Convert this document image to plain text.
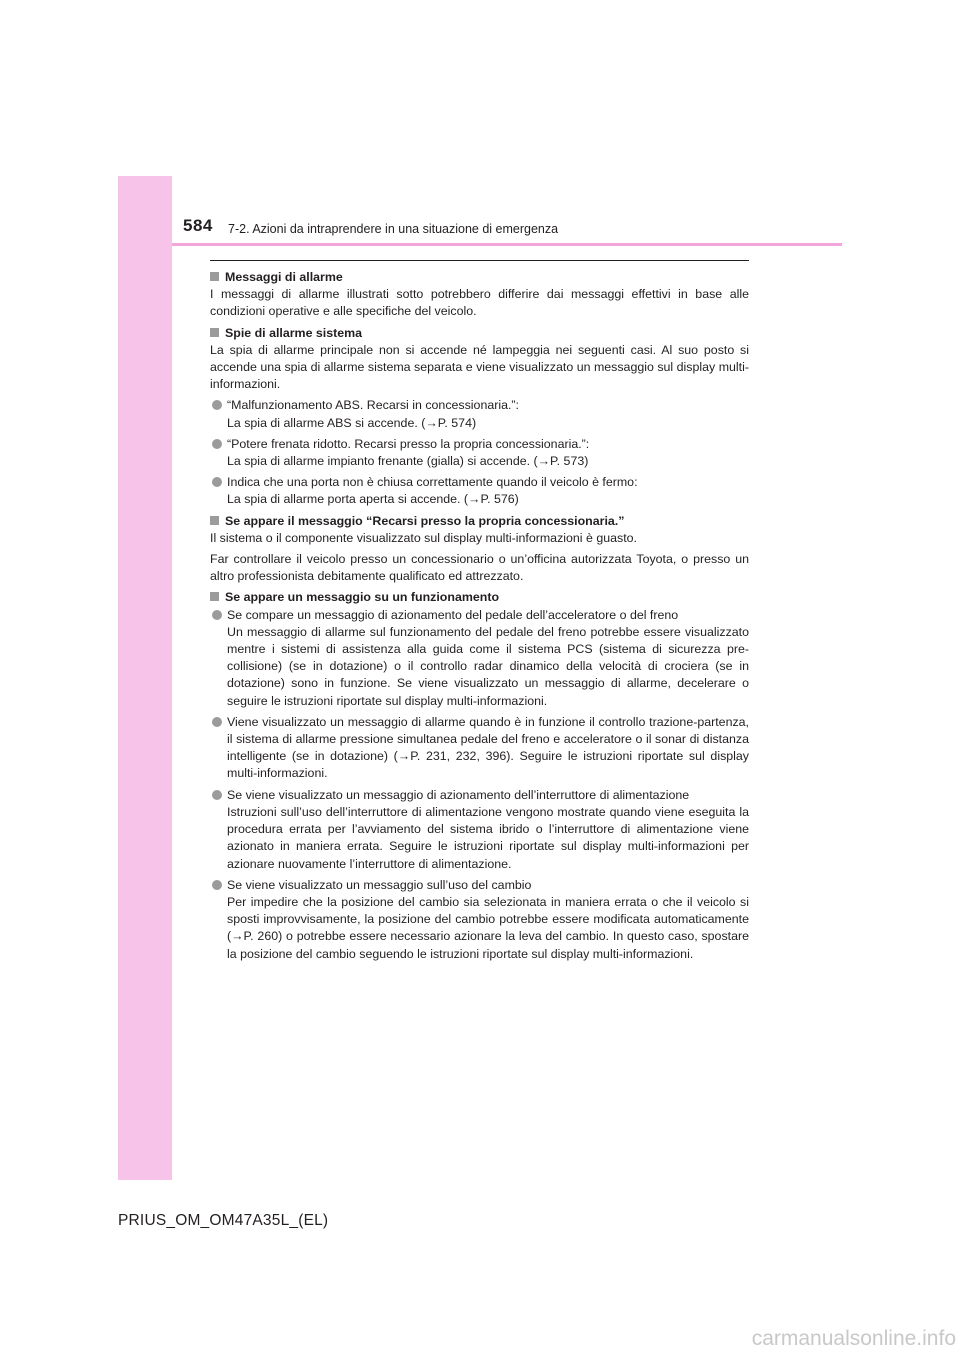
584 7-2. Azioni da intraprendere in una situazione di emergenza
Messaggi di allarme
I messaggi di allarme illustrati sotto potrebbero differire dai messaggi effettivi in base alle condizioni operative e alle specifiche del veicolo.
Spie di allarme sistema
La spia di allarme principale non si accende né lampeggia nei seguenti casi. Al suo posto si accende una spia di allarme sistema separata e viene visualizzato un messaggio sul display multi-informazioni.
“Malfunzionamento ABS. Recarsi in concessionaria.”:
La spia di allarme ABS si accende. (→P. 574)
“Potere frenata ridotto. Recarsi presso la propria concessionaria.”:
La spia di allarme impianto frenante (gialla) si accende. (→P. 573)
Indica che una porta non è chiusa correttamente quando il veicolo è fermo:
La spia di allarme porta aperta si accende. (→P. 576)
Se appare il messaggio “Recarsi presso la propria concessionaria.”
Il sistema o il componente visualizzato sul display multi-informazioni è guasto.
Far controllare il veicolo presso un concessionario o un’officina autorizzata Toyota, o presso un altro professionista debitamente qualificato ed attrezzato.
Se appare un messaggio su un funzionamento
Se compare un messaggio di azionamento del pedale dell’acceleratore o del freno
Un messaggio di allarme sul funzionamento del pedale del freno potrebbe essere visualizzato mentre i sistemi di assistenza alla guida come il sistema PCS (sistema di sicurezza pre-collisione) (se in dotazione) o il controllo radar dinamico della velocità di crociera (se in dotazione) sono in funzione. Se viene visualizzato un messaggio di allarme, decelerare o seguire le istruzioni riportate sul display multi-informazioni.
Viene visualizzato un messaggio di allarme quando è in funzione il controllo trazione-partenza, il sistema di allarme pressione simultanea pedale del freno e acceleratore o il sonar di distanza intelligente (se in dotazione) (→P. 231, 232, 396). Seguire le istruzioni riportate sul display multi-informazioni.
Se viene visualizzato un messaggio di azionamento dell’interruttore di alimentazione
Istruzioni sull’uso dell’interruttore di alimentazione vengono mostrate quando viene eseguita la procedura errata per l’avviamento del sistema ibrido o l’interruttore di alimentazione viene azionato in maniera errata. Seguire le istruzioni riportate sul display multi-informazioni per azionare nuovamente l’interruttore di alimentazione.
Se viene visualizzato un messaggio sull’uso del cambio
Per impedire che la posizione del cambio sia selezionata in maniera errata o che il veicolo si sposti improvvisamente, la posizione del cambio potrebbe essere modificata automaticamente (→P. 260) o potrebbe essere necessario azionare la leva del cambio. In questo caso, spostare la posizione del cambio seguendo le istruzioni riportate sul display multi-informazioni.
PRIUS_OM_OM47A35L_(EL)
carmanualsonline.info
